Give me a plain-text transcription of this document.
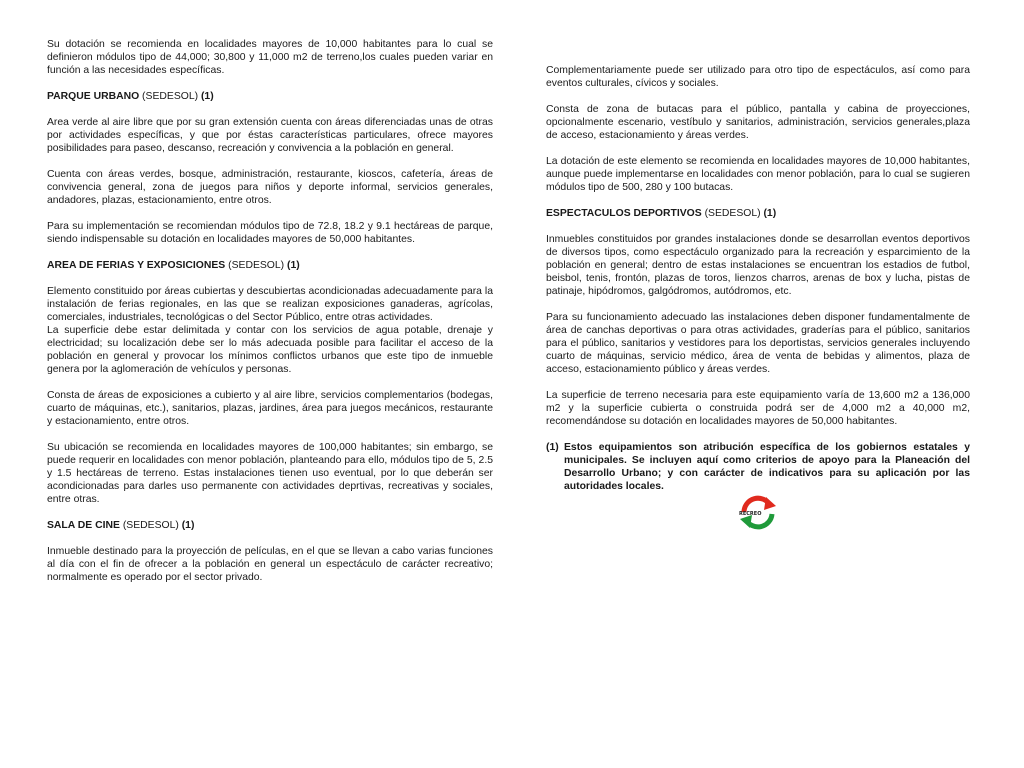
Su dotación se recomienda en localidades mayores de 10,000 habitantes para lo cual se definieron módulos tipo de 44,000; 30,800 y 11,000 m2 de terreno,los cuales pueden variar en función a las necesidades específicas.

PARQUE URBANO (SEDESOL) (1)

Area verde al aire libre que por su gran extensión cuenta con áreas diferenciadas unas de otras por actividades específicas, y que por éstas características particulares, ofrece mayores posibilidades para paseo, descanso, recreación y convivencia a la población en general.

Cuenta con áreas verdes, bosque, administración, restaurante, kioscos, cafetería, áreas de convivencia general, zona de juegos para niños y deporte informal, servicios generales, andadores, plazas, estacionamiento, entre otros.

Para su implementación se recomiendan módulos tipo de 72.8, 18.2 y 9.1 hectáreas de parque, siendo indispensable su dotación en localidades mayores de 50,000 habitantes.

AREA DE FERIAS Y EXPOSICIONES (SEDESOL) (1)

Elemento constituido por áreas cubiertas y descubiertas acondicionadas adecuadamente para la instalación de ferias regionales, en las que se realizan exposiciones ganaderas, agrícolas, comerciales, industriales, tecnológicas o del Sector Público, entre otras actividades.

La superficie debe estar delimitada y contar con los servicios de agua potable, drenaje y electricidad; su localización debe ser lo más adecuada posible para facilitar el acceso de la población en general y provocar los mínimos conflictos urbanos que este tipo de inmueble genera por la aglomeración de vehículos y personas.

Consta de áreas de exposiciones a cubierto y al aire libre, servicios complementarios (bodegas, cuarto de máquinas, etc.), sanitarios, plazas, jardines, área para juegos mecánicos, restaurante y estacionamiento, entre otros.

Su ubicación se recomienda en localidades mayores de 100,000 habitantes; sin embargo, se puede requerir en localidades con menor población, planteando para ello, módulos tipo de 5, 2.5 y 1.5 hectáreas de terreno. Estas instalaciones tienen uso eventual, por lo que deberán ser acondicionadas para darles uso permanente con actividades deprtivas, recreativas y sociales, entre otras.

SALA DE CINE (SEDESOL) (1)

Inmueble destinado para la proyección de películas, en el que se llevan a cabo varias funciones al día con el fin de ofrecer a la población en general un espectáculo de carácter recreativo; normalmente es operado por el sector privado.

Complementariamente puede ser utilizado para otro tipo de espectáculos, así como para eventos culturales, cívicos y sociales.

Consta de zona de butacas para el público, pantalla y cabina de proyecciones, opcionalmente escenario, vestíbulo y sanitarios, administración, servicios generales,plaza de acceso, estacionamiento y áreas verdes.

La dotación de este elemento se recomienda en localidades mayores de 10,000 habitantes, aunque puede implementarse en localidades con menor población, para lo cual se sugieren módulos tipo de 500, 280 y 100 butacas.

ESPECTACULOS DEPORTIVOS (SEDESOL) (1)

Inmuebles constituidos por grandes instalaciones donde se desarrollan eventos deportivos de diversos tipos, como espectáculo organizado para la recreación y esparcimiento de la población en general; dentro de estas instalaciones se encuentran los estadios de futbol, beisbol, tenis, frontón, plazas de toros, lienzos charros, arenas de box y lucha, pistas de patinaje, hipódromos, galgódromos, autódromos, etc.

Para su funcionamiento adecuado las instalaciones deben disponer fundamentalmente de área de canchas deportivas o para otras actividades, graderías para el público, sanitarios para el público, sanitarios y vestidores para los deportistas, servicios generales incluyendo cuarto de máquinas, servicio médico, área de venta de bebidas y alimentos, plaza de acceso, estacionamiento público y áreas verdes.

La superficie de terreno necesaria para este equipamiento varía de 13,600 m2 a 136,000 m2 y la superficie cubierta o construida podrá ser de 4,000 m2 a 40,000 m2, recomendándose su dotación en localidades mayores de 50,000 habitantes.

(1) Estos equipamientos son atribución específica de los gobiernos estatales y municipales. Se incluyen aquí como criterios de apoyo para la Planeación del Desarrollo Urbano; y con carácter de indicativos para su aplicación por las autoridades locales.
RECREO
